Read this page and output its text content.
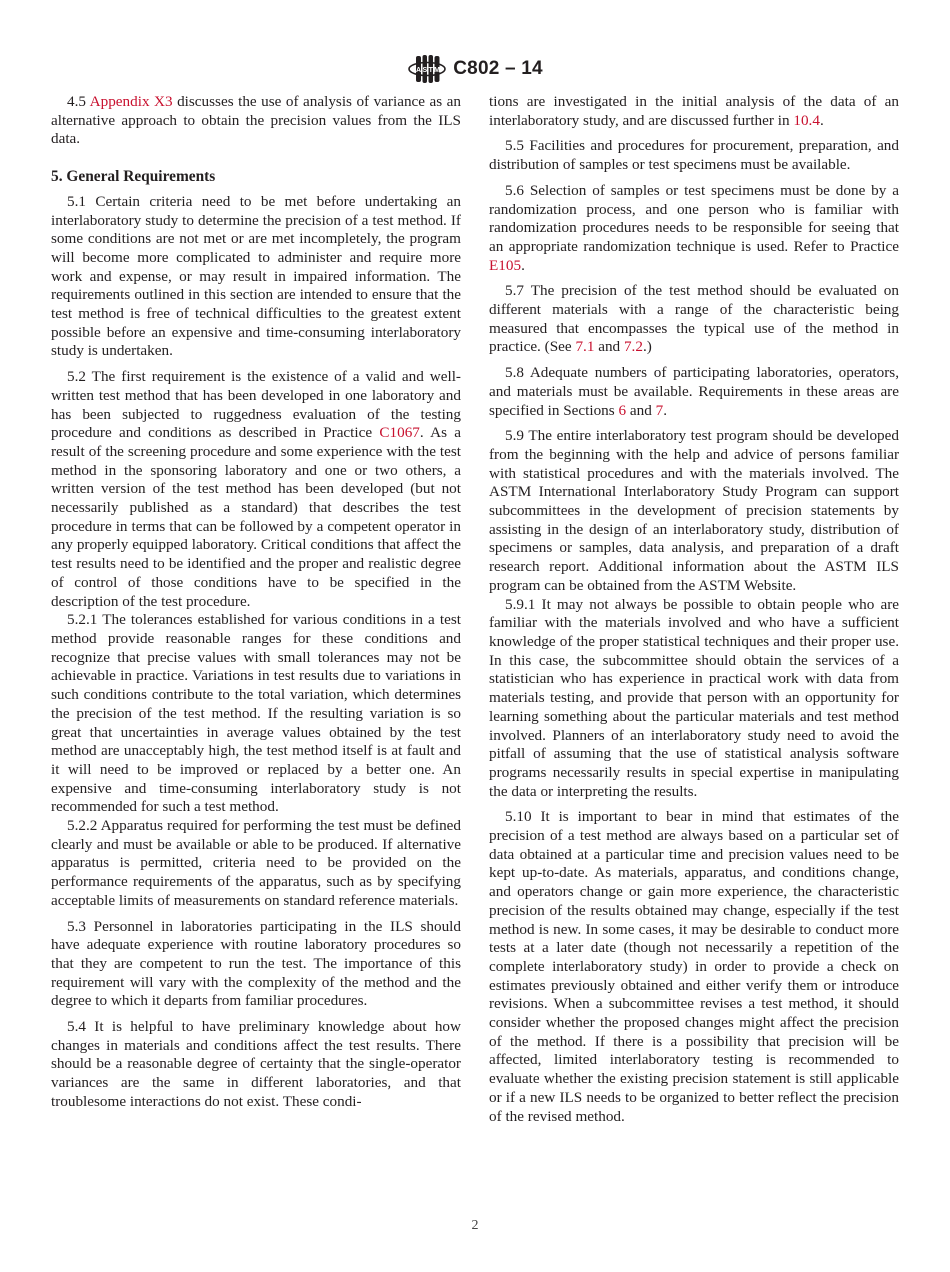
A S T M C802 – 14

4.5 Appendix X3 discusses the use of analysis of variance as an alternative approach to obtain the precision values from the ILS data.

5. General Requirements

5.1 Certain criteria need to be met before undertaking an interlaboratory study to determine the precision of a test method. If some conditions are not met or are met incompletely, the program will become more complicated to administer and require more work and expense, or may result in impaired information. The requirements outlined in this section are intended to ensure that the test method is free of technical difficulties to the greatest extent possible before an expensive and time-consuming interlaboratory study is undertaken.

5.2 The first requirement is the existence of a valid and well-written test method that has been developed in one laboratory and has been subjected to ruggedness evaluation of the testing procedure and conditions as described in Practice C1067. As a result of the screening procedure and some experience with the test method in the sponsoring laboratory and one or two others, a written version of the test method has been developed (but not necessarily published as a standard) that describes the test procedure in terms that can be followed by a competent operator in any properly equipped laboratory. Critical conditions that affect the test results need to be identified and the proper and realistic degree of control of those conditions have to be specified in the description of the test procedure.

5.2.1 The tolerances established for various conditions in a test method provide reasonable ranges for these conditions and recognize that precise values with small tolerances may not be achievable in practice. Variations in test results due to variations in such conditions contribute to the total variation, which determines the precision of the test method. If the resulting variation is so great that uncertainties in average values obtained by the test method are unacceptably high, the test method itself is at fault and it will need to be improved or replaced by a better one. An expensive and time-consuming interlaboratory study is not recommended for such a test method.

5.2.2 Apparatus required for performing the test must be defined clearly and must be available or able to be produced. If alternative apparatus is permitted, criteria need to be provided on the performance requirements of the apparatus, such as by specifying acceptable limits of measurements on standard reference materials.

5.3 Personnel in laboratories participating in the ILS should have adequate experience with routine laboratory procedures so that they are competent to run the test. The importance of this requirement will vary with the complexity of the method and the degree to which it departs from familiar procedures.

5.4 It is helpful to have preliminary knowledge about how changes in materials and conditions affect the test results. There should be a reasonable degree of certainty that the single-operator variances are the same in different laboratories, and that troublesome interactions do not exist. These condi-

tions are investigated in the initial analysis of the data of an interlaboratory study, and are discussed further in 10.4.

5.5 Facilities and procedures for procurement, preparation, and distribution of samples or test specimens must be available.

5.6 Selection of samples or test specimens must be done by a randomization process, and one person who is familiar with randomization procedures needs to be responsible for seeing that an appropriate randomization technique is used. Refer to Practice E105.

5.7 The precision of the test method should be evaluated on different materials with a range of the characteristic being measured that encompasses the typical use of the method in practice. (See 7.1 and 7.2.)

5.8 Adequate numbers of participating laboratories, operators, and materials must be available. Requirements in these areas are specified in Sections 6 and 7.

5.9 The entire interlaboratory test program should be developed from the beginning with the help and advice of persons familiar with statistical procedures and with the materials involved. The ASTM International Interlaboratory Study Program can support subcommittees in the development of precision statements by assisting in the design of an interlaboratory study, distribution of specimens or samples, data analysis, and preparation of a draft research report. Additional information about the ASTM ILS program can be obtained from the ASTM Website.

5.9.1 It may not always be possible to obtain people who are familiar with the materials involved and who have a sufficient knowledge of the proper statistical techniques and their proper use. In this case, the subcommittee should obtain the services of a statistician who has experience in practical work with data from materials testing, and provide that person with an opportunity for learning something about the particular materials and test method involved. Planners of an interlaboratory study need to avoid the pitfall of assuming that the use of statistical analysis software programs necessarily results in special expertise in manipulating the data or interpreting the results.

5.10 It is important to bear in mind that estimates of the precision of a test method are always based on a particular set of data obtained at a particular time and precision values need to be kept up-to-date. As materials, apparatus, and conditions change, and operators change or gain more experience, the characteristic precision of the results obtained may change, especially if the test method is new. In some cases, it may be desirable to conduct more tests at a later date (though not necessarily a repetition of the complete interlaboratory study) in order to provide a check on estimates previously obtained and either verify them or introduce revisions. When a subcommittee revises a test method, it should consider whether the proposed changes might affect the precision of the method. If there is a possibility that precision will be affected, limited interlaboratory testing is recommended to evaluate whether the existing precision statement is still applicable or if a new ILS needs to be organized to better reflect the precision of the revised method.

2
